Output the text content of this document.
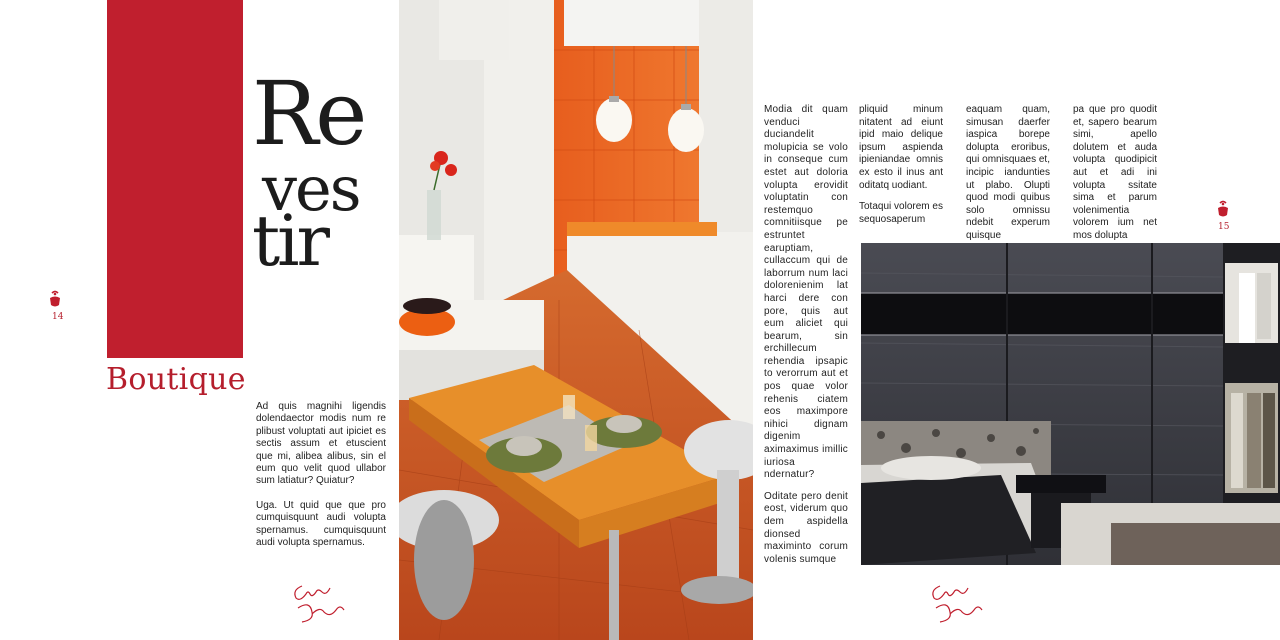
Re
ves
tir
Boutique
14

Ad quis magnihi ligendis dolendaector modis num re plibust voluptati aut ipiciet es sectis assum et etuscient que mi, alibea alibus, sin el eum quo velit quod ullabor sum latiatur? Quiatur?

Uga. Ut quid que que pro cumquisquunt audi volupta spernamus. cumquisquunt audi volupta spernamus.

Modia dit quam venduci duciandelit molupicia se volo in conseque cum estet aut doloria volupta erovidit voluptatin con restemquo comnitiisque pe estruntet earuptiam, cullaccum qui de laborrum num laci dolorenienim lat harci dere con pore, quis aut eum aliciet qui bearum, sin erchillecum rehendia ipsapic to verorrum aut et pos quae volor rehenis ciatem eos maximpore nihici dignam digenim aximaximus imillic iuriosa ndernatur?

Oditate pero denit eost, viderum quo dem aspidella dionsed maximinto corum volenis sumque

pliquid minum nitatent ad eiunt ipid maio delique ipsum aspienda ipieniandae omnis ex esto il inus ant oditatq uodiant.

Totaqui volorem es sequosaperum

eaquam quam, simusan daerfer iaspica borepe dolupta eroribus, qui omnisquaes et, incipic iandunties ut plabo. Olupti quod modi quibus solo omnissu ndebit experum quisque

pa que pro quodit et, sapero bearum simi, apello dolutem et auda volupta quodipicit aut et adi ini volupta ssitate sima et parum volenimentia volorem ium net mos dolupta

15
